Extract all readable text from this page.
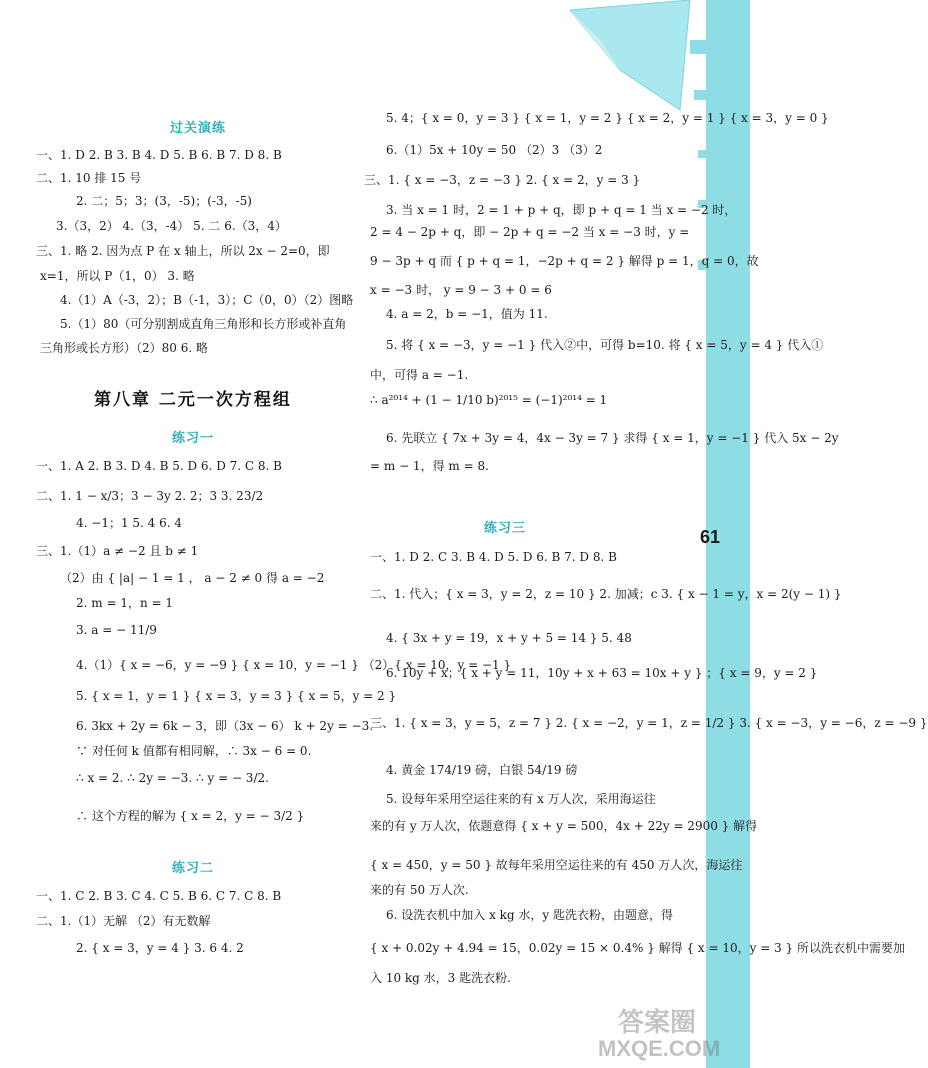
61
过关演练
一、1. D 2. B 3. B 4. D 5. B 6. B 7. D 8. B
二、1. 10 排 15 号
2. 二；5；3；(3，-5)；(-3，-5)
3.（3，2） 4.（3，-4） 5. 二 6.（3，4）
三、1. 略 2. 因为点 P 在 x 轴上，所以 2x − 2=0，即
x=1，所以 P（1，0） 3. 略
4.（1）A（-3，2）；B（-1，3）；C（0，0）（2）图略
5.（1）80（可分别割成直角三角形和长方形或补直角
三角形或长方形）（2）80 6. 略
第八章 二元一次方程组
练习一
一、1. A 2. B 3. D 4. B 5. D 6. D 7. C 8. B
二、1. 1 − x/3；3 − 3y 2. 2；3 3. 23/2
4. −1；1 5. 4 6. 4
三、1.（1）a ≠ −2 且 b ≠ 1
（2）由 { |a| − 1 = 1 ， a − 2 ≠ 0 得 a = −2
2. m = 1，n = 1
3. a = − 11/9
4.（1）{ x = −6，y = −9 } { x = 10，y = −1 } （2）{ x = 10，y = −1 }
5. { x = 1，y = 1 } { x = 3，y = 3 } { x = 5，y = 2 }
6. 3kx + 2y = 6k − 3，即（3x − 6） k + 2y = −3.
∵ 对任何 k 值都有相同解，∴ 3x − 6 = 0.
∴ x = 2. ∴ 2y = −3. ∴ y = − 3/2.
∴ 这个方程的解为 { x = 2，y = − 3/2 }
练习二
一、1. C 2. B 3. C 4. C 5. B 6. C 7. C 8. B
二、1.（1）无解 （2）有无数解
2. { x = 3，y = 4 } 3. 6 4. 2
5. 4；{ x = 0，y = 3 } { x = 1，y = 2 } { x = 2，y = 1 } { x = 3，y = 0 }
6.（1）5x + 10y = 50 （2）3 （3）2
三、1. { x = −3，z = −3 } 2. { x = 2，y = 3 }
3. 当 x = 1 时，2 = 1 + p + q，即 p + q = 1 当 x = −2 时，
2 = 4 − 2p + q，即 − 2p + q = −2 当 x = −3 时，y =
9 − 3p + q 而 { p + q = 1，−2p + q = 2 } 解得 p = 1，q = 0，故
x = −3 时， y = 9 − 3 + 0 = 6
4. a = 2，b = −1，值为 11.
5. 将 { x = −3，y = −1 } 代入②中，可得 b=10. 将 { x = 5，y = 4 } 代入①
中，可得 a = −1.
∴ a²⁰¹⁴ + (1 − 1/10 b)²⁰¹⁵ = (−1)²⁰¹⁴ = 1
6. 先联立 { 7x + 3y = 4，4x − 3y = 7 } 求得 { x = 1，y = −1 } 代入 5x − 2y
= m − 1，得 m = 8.
练习三
一、1. D 2. C 3. B 4. D 5. D 6. B 7. D 8. B
二、1. 代入；{ x = 3，y = 2，z = 10 } 2. 加减；c 3. { x − 1 = y，x = 2(y − 1) }
4. { 3x + y = 19，x + y + 5 = 14 } 5. 48
6. 10y + x；{ x + y = 11，10y + x + 63 = 10x + y } ；{ x = 9，y = 2 }
三、1. { x = 3，y = 5，z = 7 } 2. { x = −2，y = 1，z = 1/2 } 3. { x = −3，y = −6，z = −9 }
4. 黄金 174/19 磅，白银 54/19 磅
5. 设每年采用空运往来的有 x 万人次，采用海运往
来的有 y 万人次，依题意得 { x + y = 500，4x + 22y = 2900 } 解得
{ x = 450，y = 50 } 故每年采用空运往来的有 450 万人次，海运往
来的有 50 万人次.
6. 设洗衣机中加入 x kg 水，y 匙洗衣粉，由题意，得
{ x + 0.02y + 4.94 = 15，0.02y = 15 × 0.4% } 解得 { x = 10，y = 3 } 所以洗衣机中需要加
入 10 kg 水，3 匙洗衣粉.
答案圈
MXQE.COM
